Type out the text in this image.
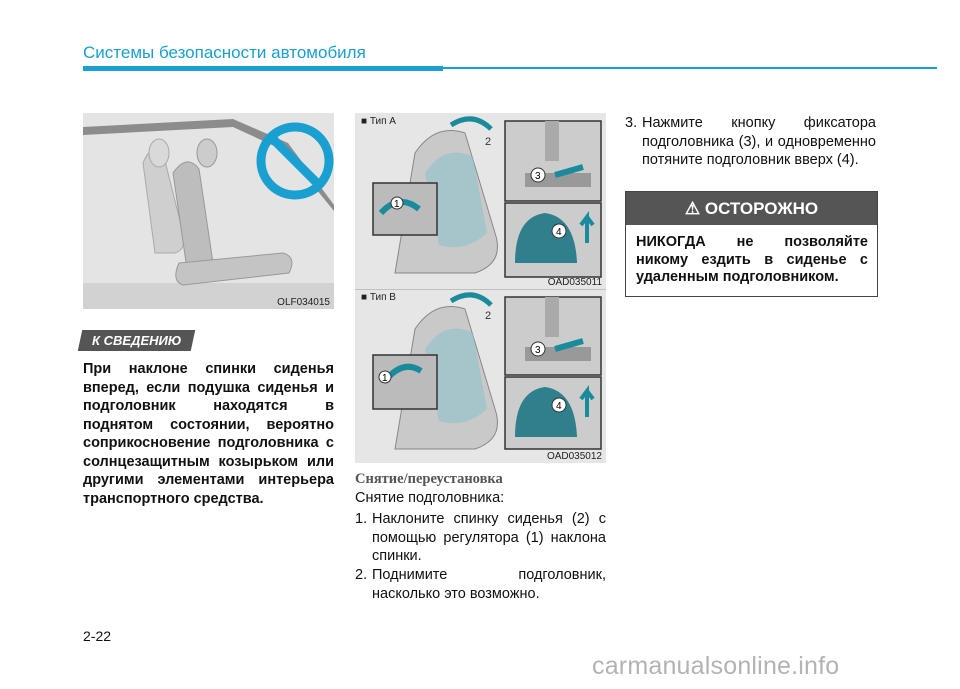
Системы безопасности автомобиля
OLF034015
К СВЕДЕНИЮ
При наклоне спинки сиденья вперед, если подушка сиденья и подголовник находятся в поднятом состоянии, вероятно соприкосновение подголовника с солнцезащитным козырьком или другими элементами интерьера транспортного средства.
2
1
3
4
■ Тип А
OAD035011
2
1
3
4
■ Тип В
OAD035012
Снятие/переустановка
Снятие подголовника:
1. Наклоните спинку сиденья (2) с помощью регулятора (1) наклона спинки.
2. Поднимите подголовник, насколько это возможно.
3. Нажмите кнопку фиксатора подголовника (3), и одновременно потяните подголовник вверх (4).
⚠ ОСТОРОЖНО
НИКОГДА не позволяйте никому ездить в сиденье с удаленным подголовником.
2-22
carmanualsonline.info
